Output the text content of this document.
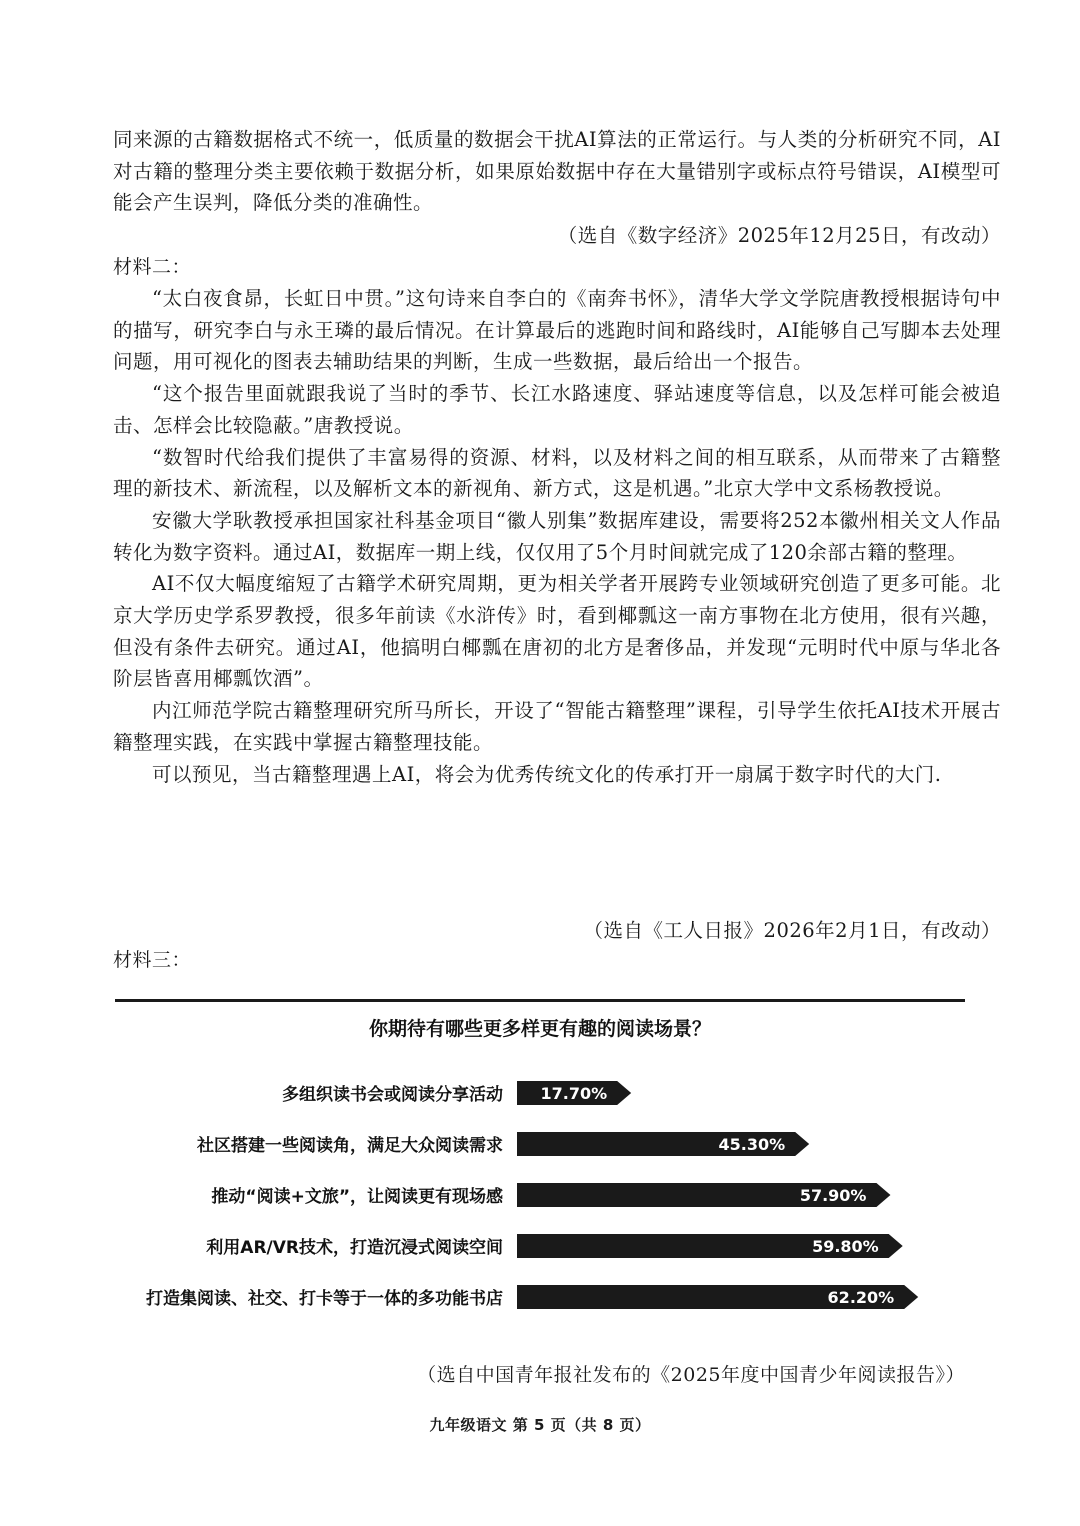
同来源的古籍数据格式不统一，低质量的数据会干扰AI算法的正常运行。与人类的分析研究不同，AI对古籍的整理分类主要依赖于数据分析，如果原始数据中存在大量错别字或标点符号错误，AI模型可能会产生误判，降低分类的准确性。

（选自《数字经济》2025年12月25日，有改动）
材料二：

“太白夜食昴，长虹日中贯。”这句诗来自李白的《南奔书怀》，清华大学文学院唐教授根据诗句中的描写，研究李白与永王璘的最后情况。在计算最后的逃跑时间和路线时，AI能够自己写脚本去处理问题，用可视化的图表去辅助结果的判断，生成一些数据，最后给出一个报告。

“这个报告里面就跟我说了当时的季节、长江水路速度、驿站速度等信息，以及怎样可能会被追击、怎样会比较隐蔽。”唐教授说。

“数智时代给我们提供了丰富易得的资源、材料，以及材料之间的相互联系，从而带来了古籍整理的新技术、新流程，以及解析文本的新视角、新方式，这是机遇。”北京大学中文系杨教授说。

安徽大学耿教授承担国家社科基金项目“徽人别集”数据库建设，需要将252本徽州相关文人作品转化为数字资料。通过AI，数据库一期上线，仅仅用了5个月时间就完成了120余部古籍的整理。

AI不仅大幅度缩短了古籍学术研究周期，更为相关学者开展跨专业领域研究创造了更多可能。北京大学历史学系罗教授，很多年前读《水浒传》时，看到椰瓢这一南方事物在北方使用，很有兴趣，但没有条件去研究。通过AI，他搞明白椰瓢在唐初的北方是奢侈品，并发现“元明时代中原与华北各阶层皆喜用椰瓢饮酒”。

内江师范学院古籍整理研究所马所长，开设了“智能古籍整理”课程，引导学生依托AI技术开展古籍整理实践，在实践中掌握古籍整理技能。

可以预见，当古籍整理遇上AI，将会为优秀传统文化的传承打开一扇属于数字时代的大门.

（选自《工人日报》2026年2月1日，有改动）
材料三：
你期待有哪些更多样更有趣的阅读场景？
多组织读书会或阅读分享活动 17.70%
社区搭建一些阅读角，满足大众阅读需求	45.30%
推动“阅读+文旅”，让阅读更有现场感	57.90%
利用AR/VR技术，打造沉浸式阅读空间	59.80%
打造集阅读、社交、打卡等于一体的多功能书店	62.20%
（选自中国青年报社发布的《2025年度中国青少年阅读报告》）
九年级语文 第 5 页（共 8 页）
